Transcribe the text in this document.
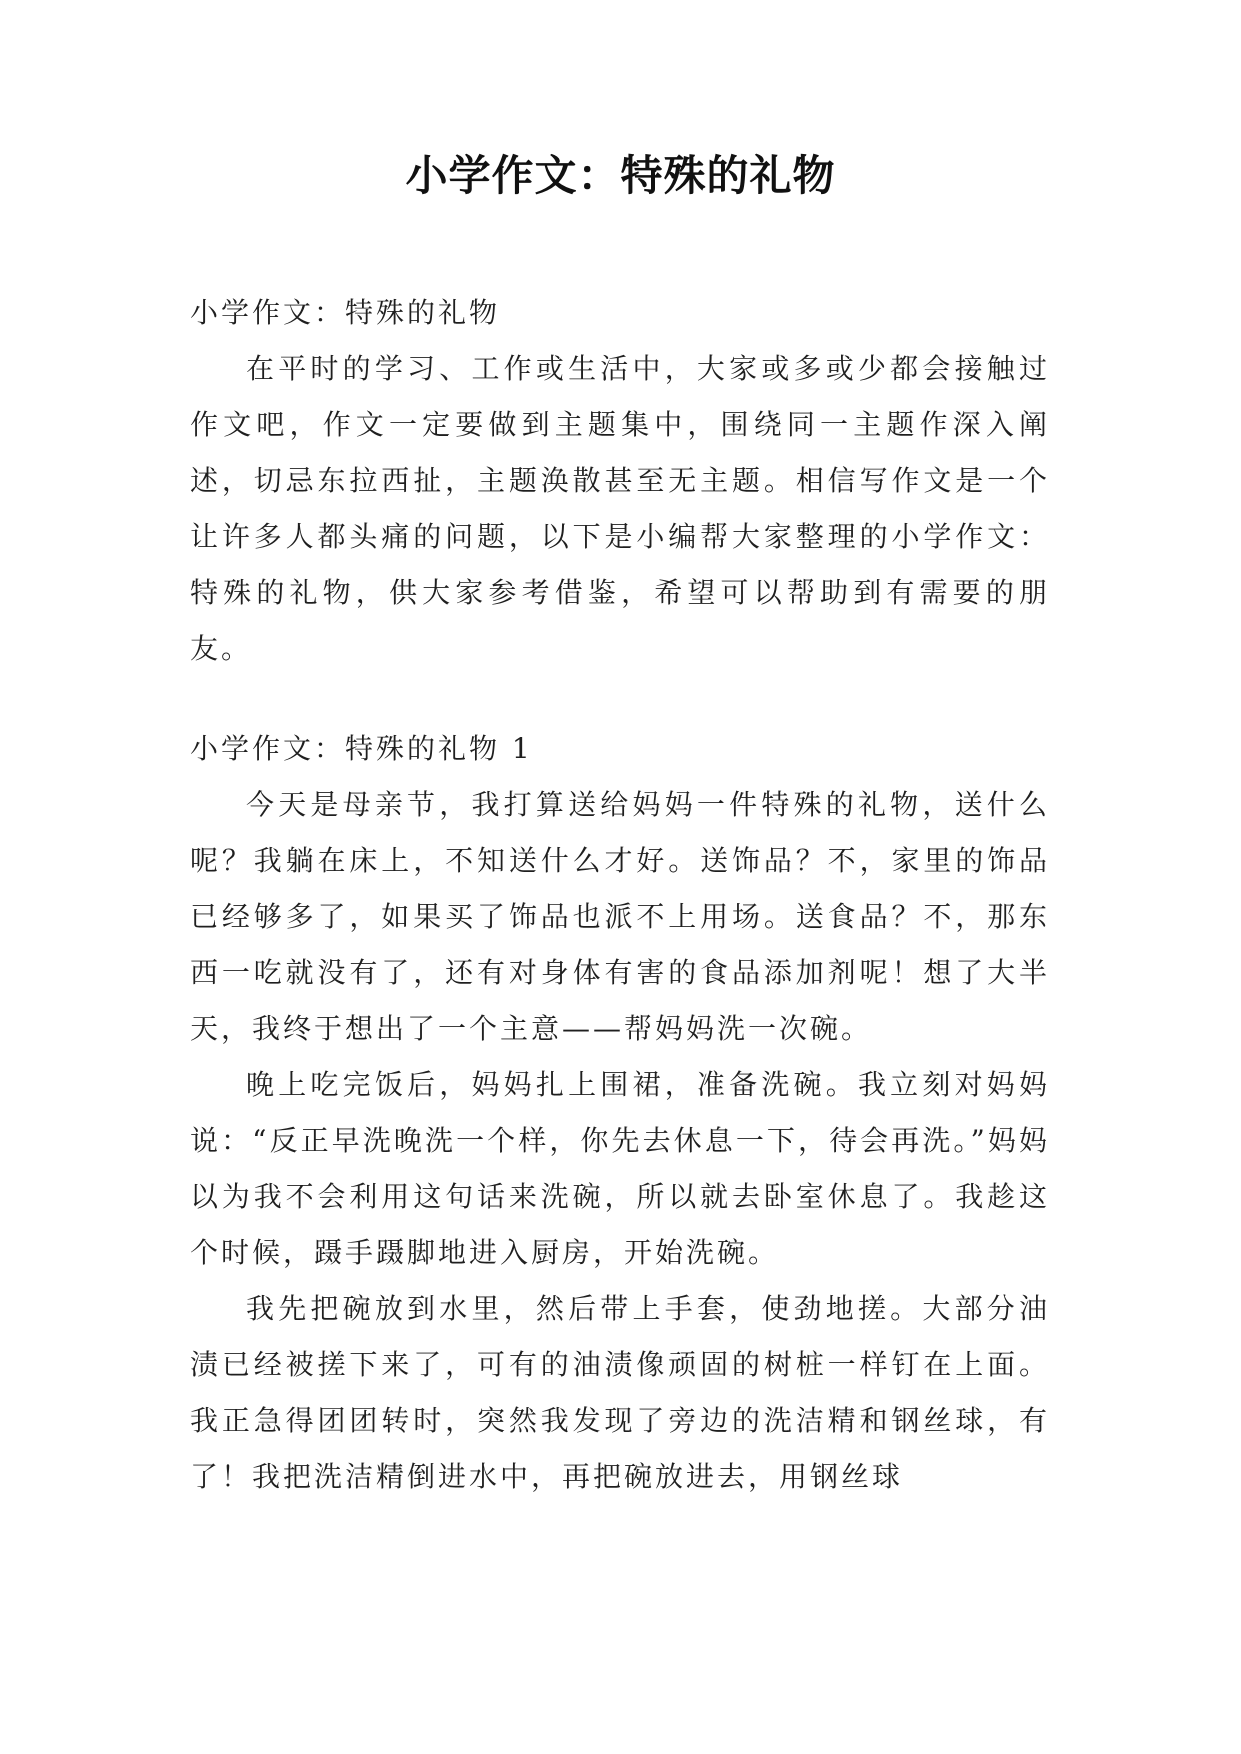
小学作文：特殊的礼物

小学作文：特殊的礼物

在平时的学习、工作或生活中，大家或多或少都会接触过作文吧，作文一定要做到主题集中，围绕同一主题作深入阐述，切忌东拉西扯，主题涣散甚至无主题。相信写作文是一个让许多人都头痛的问题，以下是小编帮大家整理的小学作文：特殊的礼物，供大家参考借鉴，希望可以帮助到有需要的朋友。

小学作文：特殊的礼物 1

今天是母亲节，我打算送给妈妈一件特殊的礼物，送什么呢？我躺在床上，不知送什么才好。送饰品？不，家里的饰品已经够多了，如果买了饰品也派不上用场。送食品？不，那东西一吃就没有了，还有对身体有害的食品添加剂呢！想了大半天，我终于想出了一个主意——帮妈妈洗一次碗。

晚上吃完饭后，妈妈扎上围裙，准备洗碗。我立刻对妈妈说：“反正早洗晚洗一个样，你先去休息一下，待会再洗。”妈妈以为我不会利用这句话来洗碗，所以就去卧室休息了。我趁这个时候，蹑手蹑脚地进入厨房，开始洗碗。

我先把碗放到水里，然后带上手套，使劲地搓。大部分油渍已经被搓下来了，可有的油渍像顽固的树桩一样钉在上面。我正急得团团转时，突然我发现了旁边的洗洁精和钢丝球，有了！我把洗洁精倒进水中，再把碗放进去，用钢丝球
